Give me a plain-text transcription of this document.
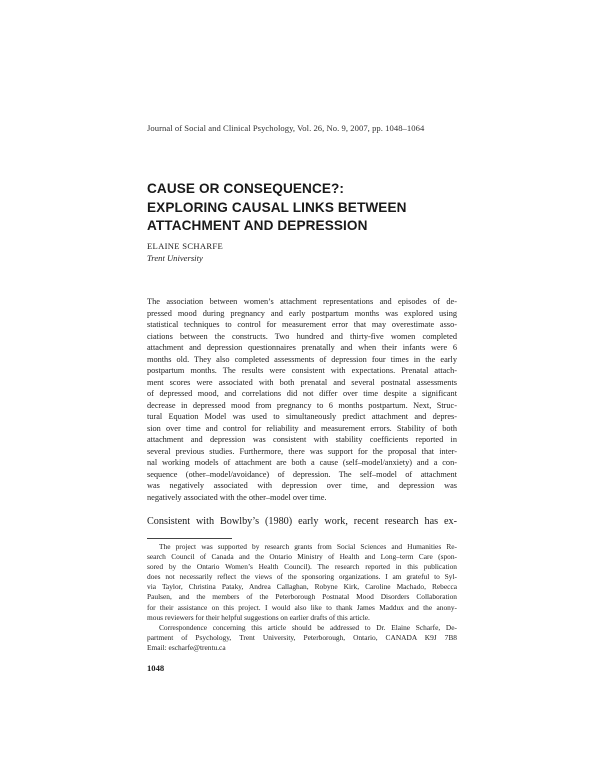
Journal of Social and Clinical Psychology, Vol. 26, No. 9, 2007, pp. 1048–1064
CAUSE OR CONSEQUENCE?:
EXPLORING CAUSAL LINKS BETWEEN
ATTACHMENT AND DEPRESSION
ELAINE SCHARFE
Trent University
The association between women’s attachment representations and episodes of de-
pressed mood during pregnancy and early postpartum months was explored using
statistical techniques to control for measurement error that may overestimate asso-
ciations between the constructs. Two hundred and thirty-five women completed
attachment and depression questionnaires prenatally and when their infants were 6
months old. They also completed assessments of depression four times in the early
postpartum months. The results were consistent with expectations. Prenatal attach-
ment scores were associated with both prenatal and several postnatal assessments
of depressed mood, and correlations did not differ over time despite a significant
decrease in depressed mood from pregnancy to 6 months postpartum. Next, Struc-
tural Equation Model was used to simultaneously predict attachment and depres-
sion over time and control for reliability and measurement errors. Stability of both
attachment and depression was consistent with stability coefficients reported in
several previous studies. Furthermore, there was support for the proposal that inter-
nal working models of attachment are both a cause (self–model/anxiety) and a con-
sequence (other–model/avoidance) of depression. The self–model of attachment
was negatively associated with depression over time, and depression was
negatively associated with the other–model over time.
Consistent with Bowlby’s (1980) early work, recent research has ex-
The project was supported by research grants from Social Sciences and Humanities Re-
search Council of Canada and the Ontario Ministry of Health and Long–term Care (spon-
sored by the Ontario Women’s Health Council). The research reported in this publication
does not necessarily reflect the views of the sponsoring organizations. I am grateful to Syl-
via Taylor, Christina Pataky, Andrea Callaghan, Robyne Kirk, Caroline Machado, Rebecca
Paulsen, and the members of the Peterborough Postnatal Mood Disorders Collaboration
for their assistance on this project. I would also like to thank James Maddux and the anony-
mous reviewers for their helpful suggestions on earlier drafts of this article.
Correspondence concerning this article should be addressed to Dr. Elaine Scharfe, De-
partment of Psychology, Trent University, Peterborough, Ontario, CANADA K9J 7B8
Email: escharfe@trentu.ca
1048
